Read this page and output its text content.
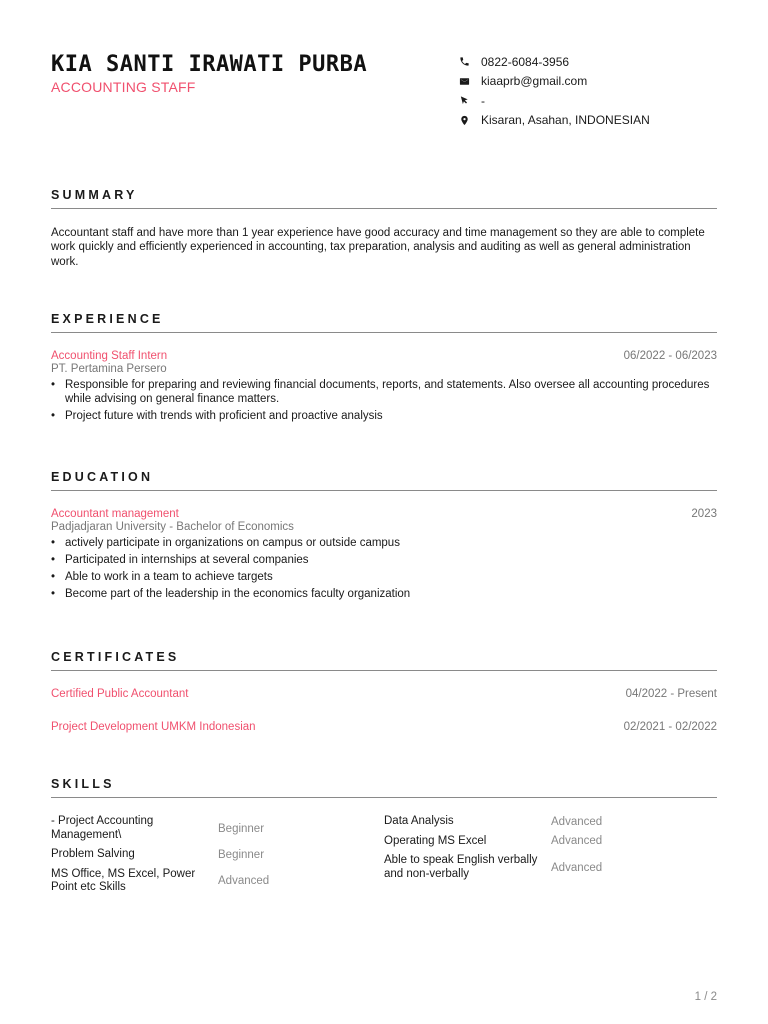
KIA SANTI IRAWATI PURBA
ACCOUNTING STAFF
0822-6084-3956
kiaaprb@gmail.com
-
Kisaran, Asahan, INDONESIAN
SUMMARY
Accountant staff and have more than 1 year experience have good accuracy and time management so they are able to complete work quickly and efficiently experienced in accounting, tax preparation, analysis and auditing as well as general administration work.
EXPERIENCE
Accounting Staff Intern	06/2022 - 06/2023
PT. Pertamina Persero
• Responsible for preparing and reviewing financial documents, reports, and statements. Also oversee all accounting procedures while advising on general finance matters.
• Project future with trends with proficient and proactive analysis
EDUCATION
Accountant management	2023
Padjadjaran University - Bachelor of Economics
• actively participate in organizations on campus or outside campus
• Participated in internships at several companies
• Able to work in a team to achieve targets
• Become part of the leadership in the economics faculty organization
CERTIFICATES
Certified Public Accountant	04/2022 - Present
Project Development UMKM Indonesian	02/2021 - 02/2022
SKILLS
- Project Accounting Management\	Beginner
Problem Salving	Beginner
MS Office, MS Excel, Power Point etc Skills	Advanced
Data Analysis	Advanced
Operating MS Excel	Advanced
Able to speak English verbally and non-verbally	Advanced
1 / 2
